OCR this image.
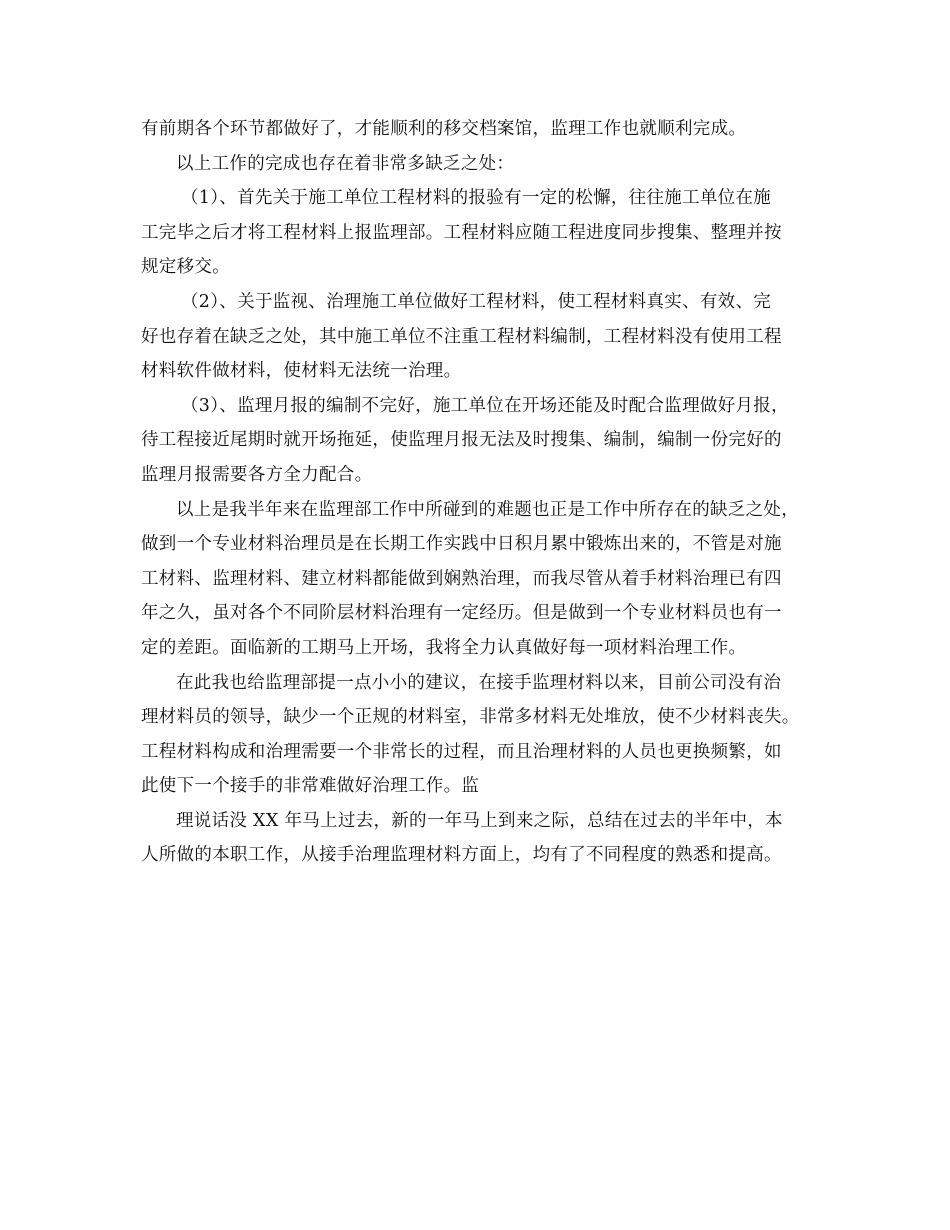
有前期各个环节都做好了，才能顺利的移交档案馆，监理工作也就顺利完成。
以上工作的完成也存在着非常多缺乏之处：
（1）、首先关于施工单位工程材料的报验有一定的松懈，往往施工单位在施
工完毕之后才将工程材料上报监理部。工程材料应随工程进度同步搜集、整理并按
规定移交。
（2）、关于监视、治理施工单位做好工程材料，使工程材料真实、有效、完
好也存着在缺乏之处，其中施工单位不注重工程材料编制，工程材料没有使用工程
材料软件做材料，使材料无法统一治理。
（3）、监理月报的编制不完好，施工单位在开场还能及时配合监理做好月报，
待工程接近尾期时就开场拖延，使监理月报无法及时搜集、编制，编制一份完好的
监理月报需要各方全力配合。
以上是我半年来在监理部工作中所碰到的难题也正是工作中所存在的缺乏之处，
做到一个专业材料治理员是在长期工作实践中日积月累中锻炼出来的，不管是对施
工材料、监理材料、建立材料都能做到娴熟治理，而我尽管从着手材料治理已有四
年之久，虽对各个不同阶层材料治理有一定经历。但是做到一个专业材料员也有一
定的差距。面临新的工期马上开场，我将全力认真做好每一项材料治理工作。
在此我也给监理部提一点小小的建议，在接手监理材料以来，目前公司没有治
理材料员的领导，缺少一个正规的材料室，非常多材料无处堆放，使不少材料丧失。
工程材料构成和治理需要一个非常长的过程，而且治理材料的人员也更换频繁，如
此使下一个接手的非常难做好治理工作。监
理说话没 XX 年马上过去，新的一年马上到来之际，总结在过去的半年中，本
人所做的本职工作，从接手治理监理材料方面上，均有了不同程度的熟悉和提高。
